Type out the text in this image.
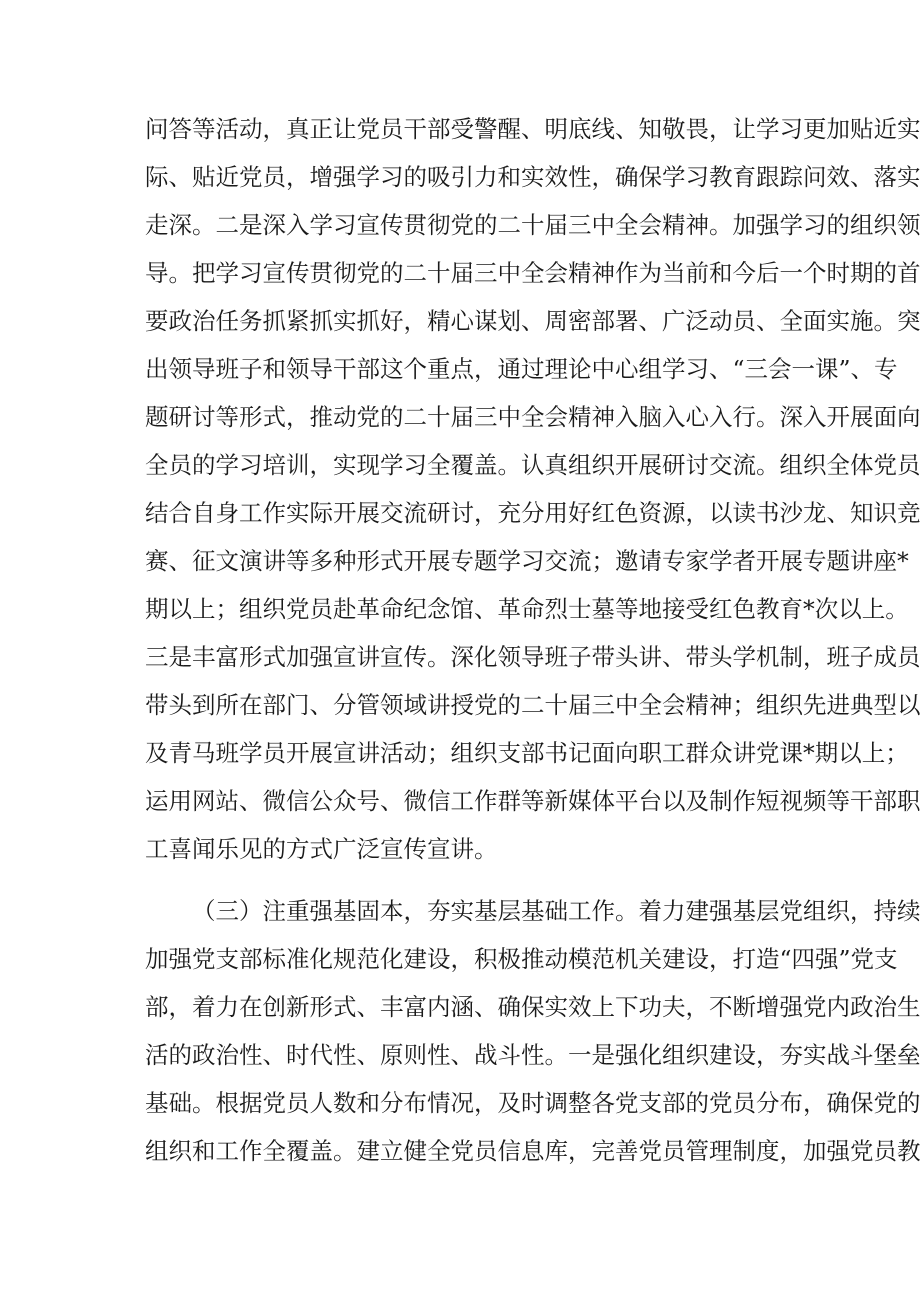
问答等活动，真正让党员干部受警醒、明底线、知敬畏，让学习更加贴近实
际、贴近党员，增强学习的吸引力和实效性，确保学习教育跟踪问效、落实
走深。二是深入学习宣传贯彻党的二十届三中全会精神。加强学习的组织领
导。把学习宣传贯彻党的二十届三中全会精神作为当前和今后一个时期的首
要政治任务抓紧抓实抓好，精心谋划、周密部署、广泛动员、全面实施。突
出领导班子和领导干部这个重点，通过理论中心组学习、“三会一课”、专
题研讨等形式，推动党的二十届三中全会精神入脑入心入行。深入开展面向
全员的学习培训，实现学习全覆盖。认真组织开展研讨交流。组织全体党员
结合自身工作实际开展交流研讨，充分用好红色资源，以读书沙龙、知识竞
赛、征文演讲等多种形式开展专题学习交流；邀请专家学者开展专题讲座*
期以上；组织党员赴革命纪念馆、革命烈士墓等地接受红色教育*次以上。
三是丰富形式加强宣讲宣传。深化领导班子带头讲、带头学机制，班子成员
带头到所在部门、分管领域讲授党的二十届三中全会精神；组织先进典型以
及青马班学员开展宣讲活动；组织支部书记面向职工群众讲党课*期以上；
运用网站、微信公众号、微信工作群等新媒体平台以及制作短视频等干部职
工喜闻乐见的方式广泛宣传宣讲。
（三）注重强基固本，夯实基层基础工作。着力建强基层党组织，持续
加强党支部标准化规范化建设，积极推动模范机关建设，打造“四强”党支
部，着力在创新形式、丰富内涵、确保实效上下功夫，不断增强党内政治生
活的政治性、时代性、原则性、战斗性。一是强化组织建设，夯实战斗堡垒
基础。根据党员人数和分布情况，及时调整各党支部的党员分布，确保党的
组织和工作全覆盖。建立健全党员信息库，完善党员管理制度，加强党员教
